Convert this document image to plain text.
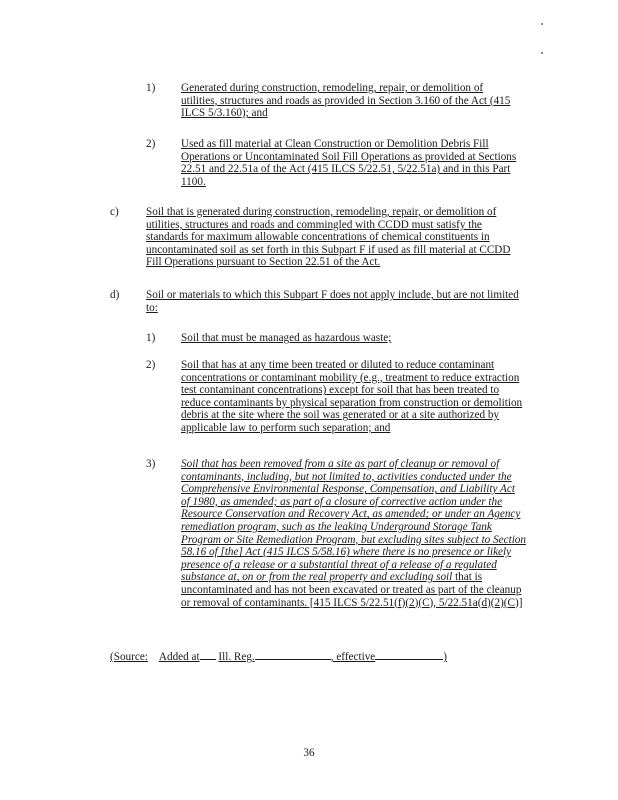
1) Generated during construction, remodeling, repair, or demolition of utilities, structures and roads as provided in Section 3.160 of the Act (415 ILCS 5/3.160); and
2) Used as fill material at Clean Construction or Demolition Debris Fill Operations or Uncontaminated Soil Fill Operations as provided at Sections 22.51 and 22.51a of the Act (415 ILCS 5/22.51, 5/22.51a) and in this Part 1100.
c) Soil that is generated during construction, remodeling, repair, or demolition of utilities, structures and roads and commingled with CCDD must satisfy the standards for maximum allowable concentrations of chemical constituents in uncontaminated soil as set forth in this Subpart F if used as fill material at CCDD Fill Operations pursuant to Section 22.51 of the Act.
d) Soil or materials to which this Subpart F does not apply include, but are not limited to:
1) Soil that must be managed as hazardous waste;
2) Soil that has at any time been treated or diluted to reduce contaminant concentrations or contaminant mobility (e.g., treatment to reduce extraction test contaminant concentrations) except for soil that has been treated to reduce contaminants by physical separation from construction or demolition debris at the site where the soil was generated or at a site authorized by applicable law to perform such separation; and
3) Soil that has been removed from a site as part of cleanup or removal of contaminants, including, but not limited to, activities conducted under the Comprehensive Environmental Response, Compensation, and Liability Act of 1980, as amended; as part of a closure of corrective action under the Resource Conservation and Recovery Act, as amended; or under an Agency remediation program, such as the leaking Underground Storage Tank Program or Site Remediation Program, but excluding sites subject to Section 58.16 of [the] Act (415 ILCS 5/58.16) where there is no presence or likely presence of a release or a substantial threat of a release of a regulated substance at, on or from the real property and excluding soil that is uncontaminated and has not been excavated or treated as part of the cleanup or removal of contaminants. [415 ILCS 5/22.51(f)(2)(C), 5/22.51a(d)(2)(C)]
(Source: Added at Ill. Reg.	, effective	)
36
